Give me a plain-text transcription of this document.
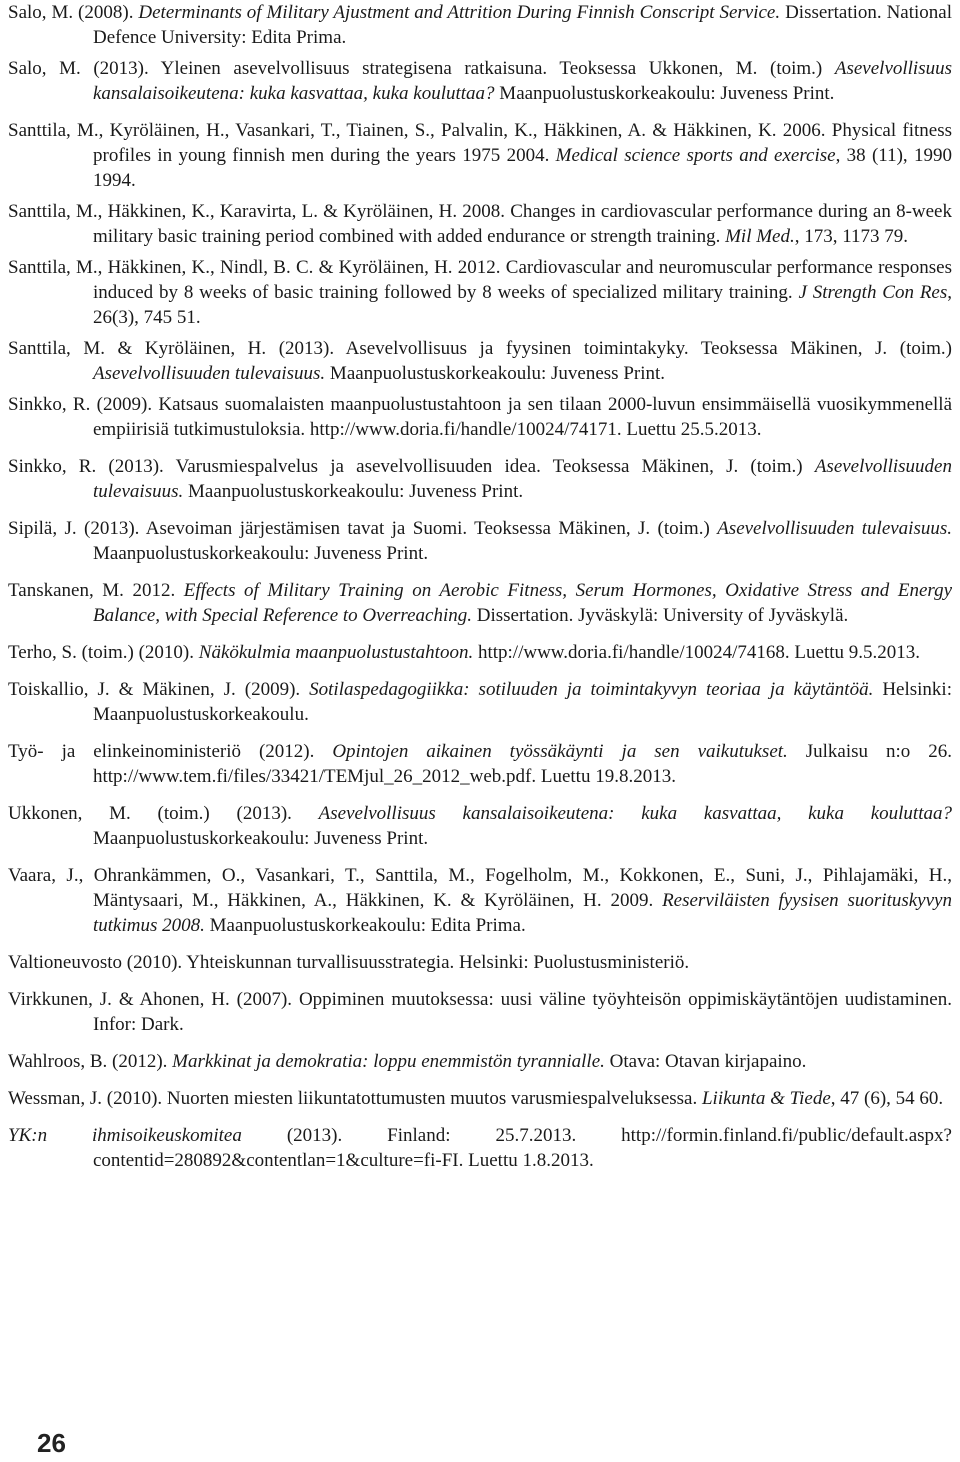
Salo, M. (2008). Determinants of Military Ajustment and Attrition During Finnish Conscript Service. Dissertation. National Defence University: Edita Prima.

Salo, M. (2013). Yleinen asevelvollisuus strategisena ratkaisuna. Teoksessa Ukkonen, M. (toim.) Asevelvollisuus kansalaisoikeutena: kuka kasvattaa, kuka kouluttaa? Maanpuolustuskorkeakoulu: Juveness Print.

Santtila, M., Kyröläinen, H., Vasankari, T., Tiainen, S., Palvalin, K., Häkkinen, A. & Häkkinen, K. 2006. Physical fitness profiles in young finnish men during the years 1975 2004. Medical science sports and exercise, 38 (11), 1990 1994.

Santtila, M., Häkkinen, K., Karavirta, L. & Kyröläinen, H. 2008. Changes in cardiovascular performance during an 8-week military basic training period combined with added endurance or strength training. Mil Med., 173, 1173 79.

Santtila, M., Häkkinen, K., Nindl, B. C. & Kyröläinen, H. 2012. Cardiovascular and neuromuscular performance responses induced by 8 weeks of basic training followed by 8 weeks of specialized military training. J Strength Con Res, 26(3), 745 51.

Santtila, M. & Kyröläinen, H. (2013). Asevelvollisuus ja fyysinen toimintakyky. Teoksessa Mäkinen, J. (toim.) Asevelvollisuuden tulevaisuus. Maanpuolustuskorkeakoulu: Juveness Print.

Sinkko, R. (2009). Katsaus suomalaisten maanpuolustustahtoon ja sen tilaan 2000-luvun ensimmäisellä vuosikymmenellä empiirisiä tutkimustuloksia. http://www.doria.fi/handle/10024/74171. Luettu 25.5.2013.

Sinkko, R. (2013). Varusmiespalvelus ja asevelvollisuuden idea. Teoksessa Mäkinen, J. (toim.) Asevelvollisuuden tulevaisuus. Maanpuolustuskorkeakoulu: Juveness Print.

Sipilä, J. (2013). Asevoiman järjestämisen tavat ja Suomi. Teoksessa Mäkinen, J. (toim.) Asevelvollisuuden tulevaisuus. Maanpuolustuskorkeakoulu: Juveness Print.

Tanskanen, M. 2012. Effects of Military Training on Aerobic Fitness, Serum Hormones, Oxidative Stress and Energy Balance, with Special Reference to Overreaching. Dissertation. Jyväskylä: University of Jyväskylä.

Terho, S. (toim.) (2010). Näkökulmia maanpuolustustahtoon. http://www.doria.fi/handle/10024/74168. Luettu 9.5.2013.

Toiskallio, J. & Mäkinen, J. (2009). Sotilaspedagogiikka: sotiluuden ja toimintakyvyn teoriaa ja käytäntöä. Helsinki: Maanpuolustuskorkeakoulu.

Työ- ja elinkeinoministeriö (2012). Opintojen aikainen työssäkäynti ja sen vaikutukset. Julkaisu n:o 26. http://www.tem.fi/files/33421/TEMjul_26_2012_web.pdf. Luettu 19.8.2013.

Ukkonen, M. (toim.) (2013). Asevelvollisuus kansalaisoikeutena: kuka kasvattaa, kuka kouluttaa? Maanpuolustuskorkeakoulu: Juveness Print.

Vaara, J., Ohrankämmen, O., Vasankari, T., Santtila, M., Fogelholm, M., Kokkonen, E., Suni, J., Pihlajamäki, H., Mäntysaari, M., Häkkinen, A., Häkkinen, K. & Kyröläinen, H. 2009. Reserviläisten fyysisen suorituskyvyn tutkimus 2008. Maanpuolustuskorkeakoulu: Edita Prima.

Valtioneuvosto (2010). Yhteiskunnan turvallisuusstrategia. Helsinki: Puolustusministeriö.

Virkkunen, J. & Ahonen, H. (2007). Oppiminen muutoksessa: uusi väline työyhteisön oppimiskäytäntöjen uudistaminen. Infor: Dark.

Wahlroos, B. (2012). Markkinat ja demokratia: loppu enemmistön tyrannialle. Otava: Otavan kirjapaino.

Wessman, J. (2010). Nuorten miesten liikuntatottumusten muutos varusmiespalveluksessa. Liikunta & Tiede, 47 (6), 54 60.

YK:n ihmisoikeuskomitea (2013). Finland: 25.7.2013. http://formin.finland.fi/public/default.aspx?contentid=280892&contentlan=1&culture=fi-FI. Luettu 1.8.2013.

26
